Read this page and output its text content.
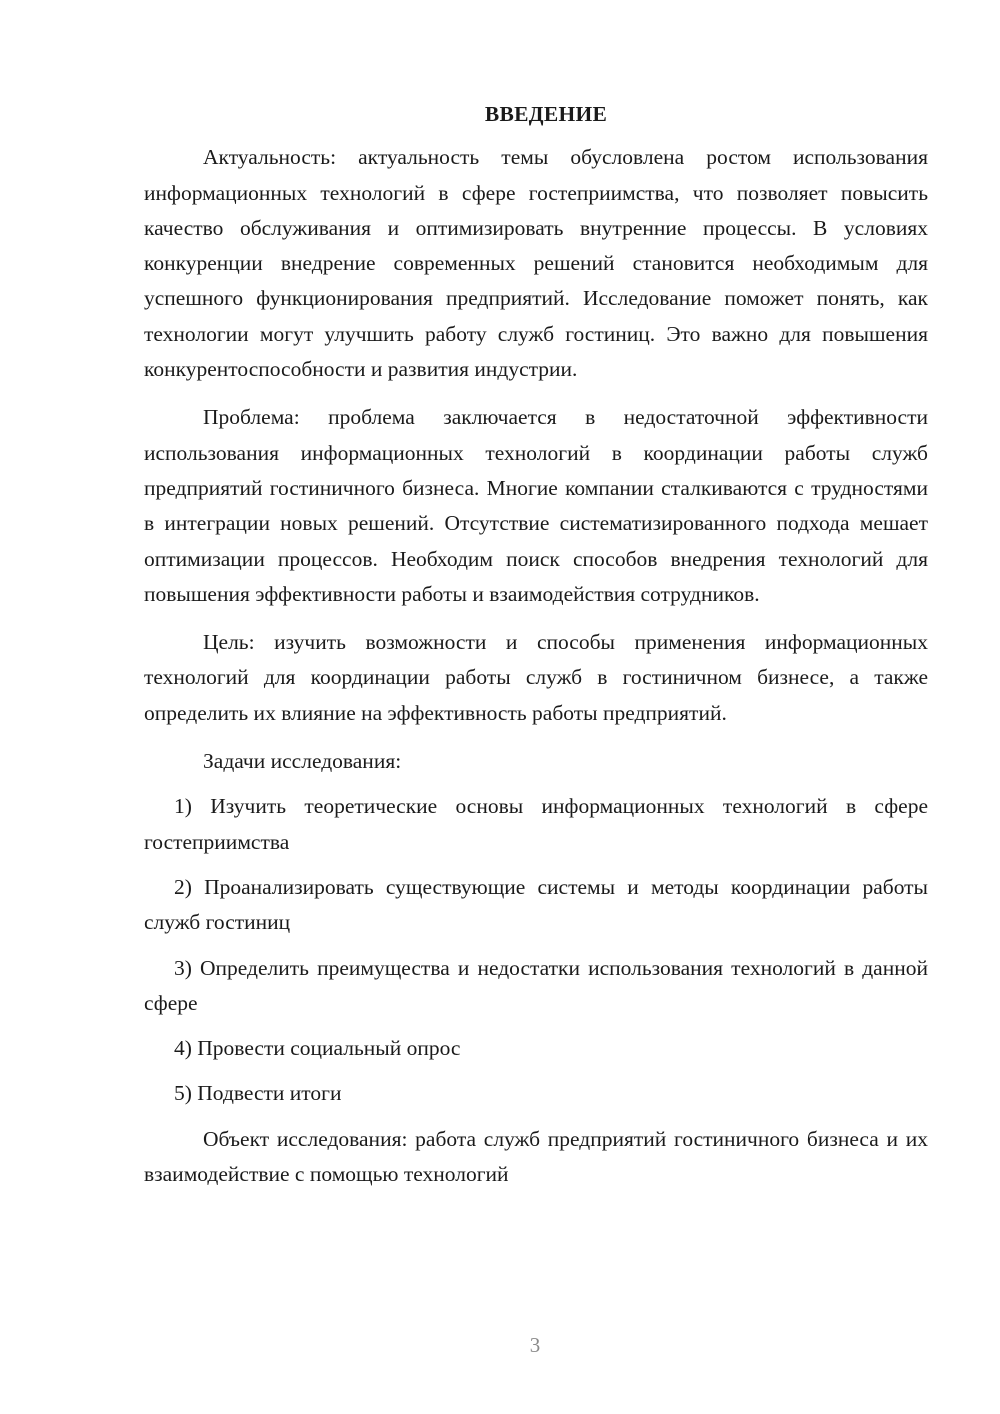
ВВЕДЕНИЕ

Актуальность: актуальность темы обусловлена ростом использования информационных технологий в сфере гостеприимства, что позволяет повысить качество обслуживания и оптимизировать внутренние процессы. В условиях конкуренции внедрение современных решений становится необходимым для успешного функционирования предприятий. Исследование поможет понять, как технологии могут улучшить работу служб гостиниц. Это важно для повышения конкурентоспособности и развития индустрии.

Проблема: проблема заключается в недостаточной эффективности использования информационных технологий в координации работы служб предприятий гостиничного бизнеса. Многие компании сталкиваются с трудностями в интеграции новых решений. Отсутствие систематизированного подхода мешает оптимизации процессов. Необходим поиск способов внедрения технологий для повышения эффективности работы и взаимодействия сотрудников.

Цель: изучить возможности и способы применения информационных технологий для координации работы служб в гостиничном бизнесе, а также определить их влияние на эффективность работы предприятий.

Задачи исследования:

1) Изучить теоретические основы информационных технологий в сфере гостеприимства

2) Проанализировать существующие системы и методы координации работы служб гостиниц

3) Определить преимущества и недостатки использования технологий в данной сфере

4) Провести социальный опрос

5) Подвести итоги

Объект исследования: работа служб предприятий гостиничного бизнеса и их взаимодействие с помощью технологий

3
